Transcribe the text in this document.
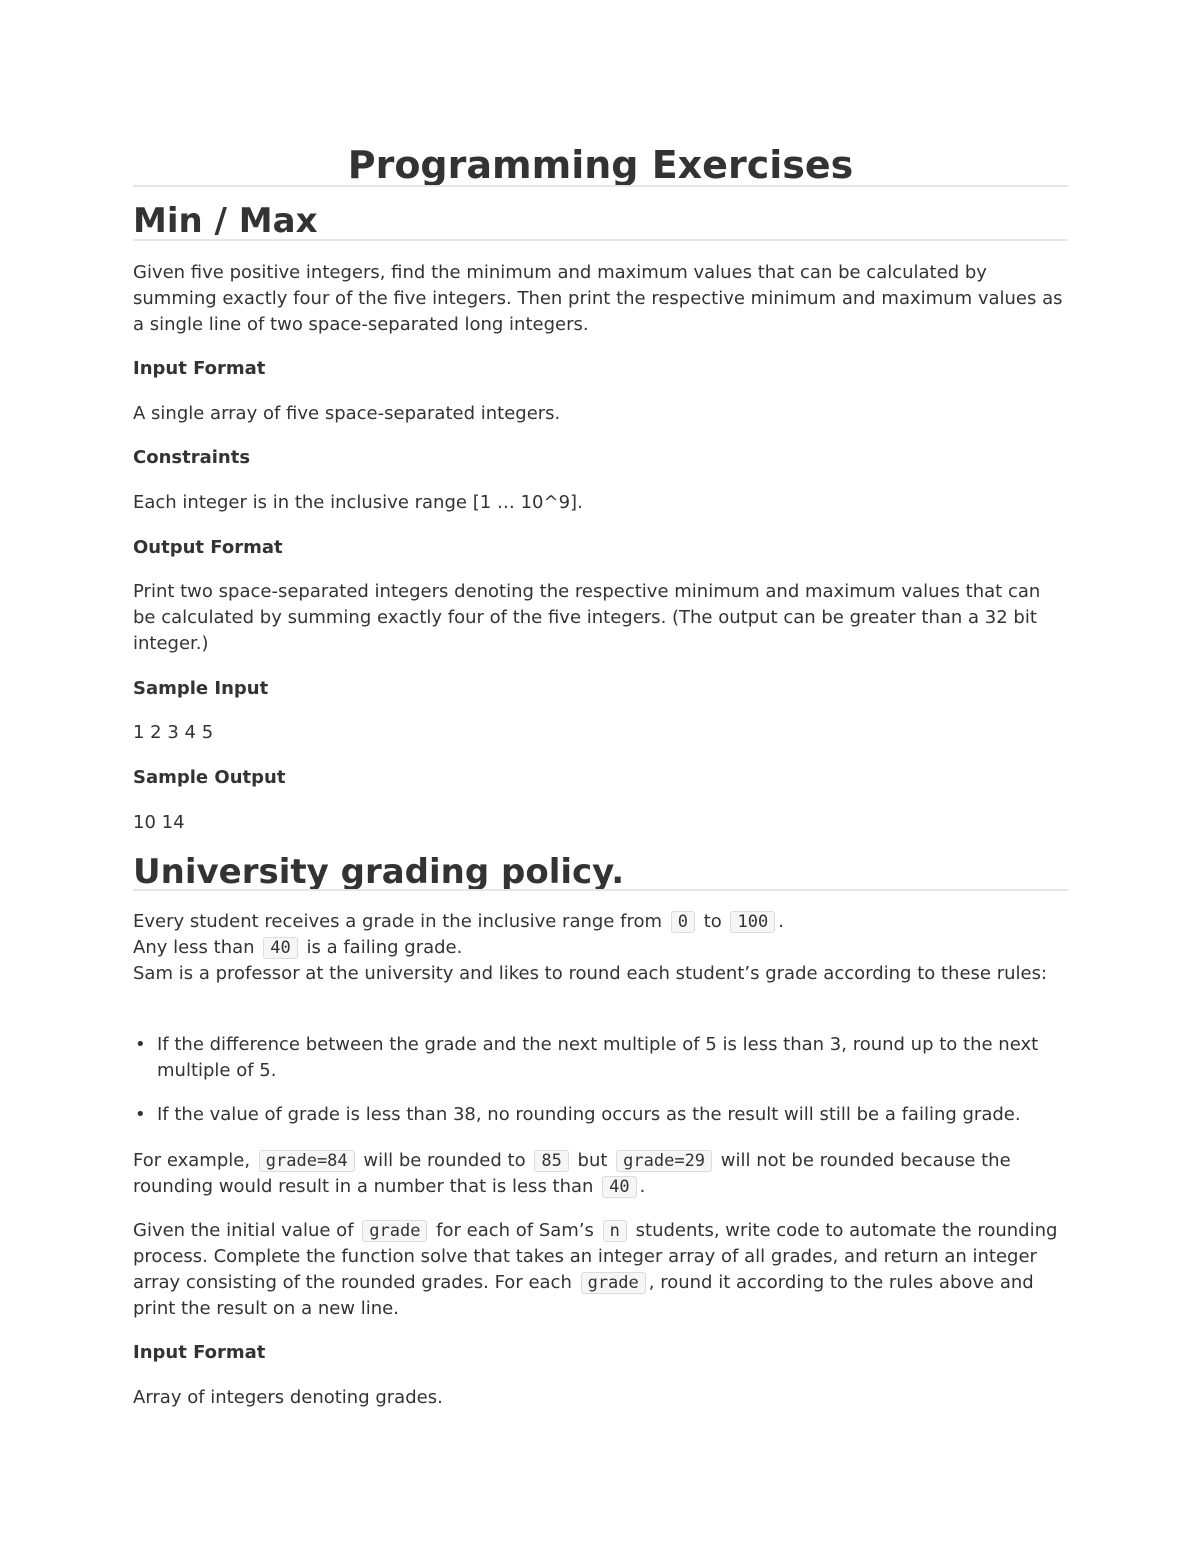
Programming Exercises
Min / Max

Given five positive integers, find the minimum and maximum values that can be calculated by summing exactly four of the five integers. Then print the respective minimum and maximum values as a single line of two space-separated long integers.

Input Format

A single array of five space-separated integers.

Constraints

Each integer is in the inclusive range [1 … 10^9].

Output Format

Print two space-separated integers denoting the respective minimum and maximum values that can be calculated by summing exactly four of the five integers. (The output can be greater than a 32 bit integer.)

Sample Input

1 2 3 4 5

Sample Output

10 14

University grading policy.

Every student receives a grade in the inclusive range from 0 to 100 .
Any less than 40 is a failing grade.
Sam is a professor at the university and likes to round each student’s grade according to these rules:

• If the difference between the grade and the next multiple of 5 is less than 3, round up to the next multiple of 5.
• If the value of grade is less than 38, no rounding occurs as the result will still be a failing grade.

For example, grade=84 will be rounded to 85 but grade=29 will not be rounded because the rounding would result in a number that is less than 40 .

Given the initial value of grade for each of Sam’s n students, write code to automate the rounding process. Complete the function solve that takes an integer array of all grades, and return an integer array consisting of the rounded grades. For each grade , round it according to the rules above and print the result on a new line.

Input Format

Array of integers denoting grades.
